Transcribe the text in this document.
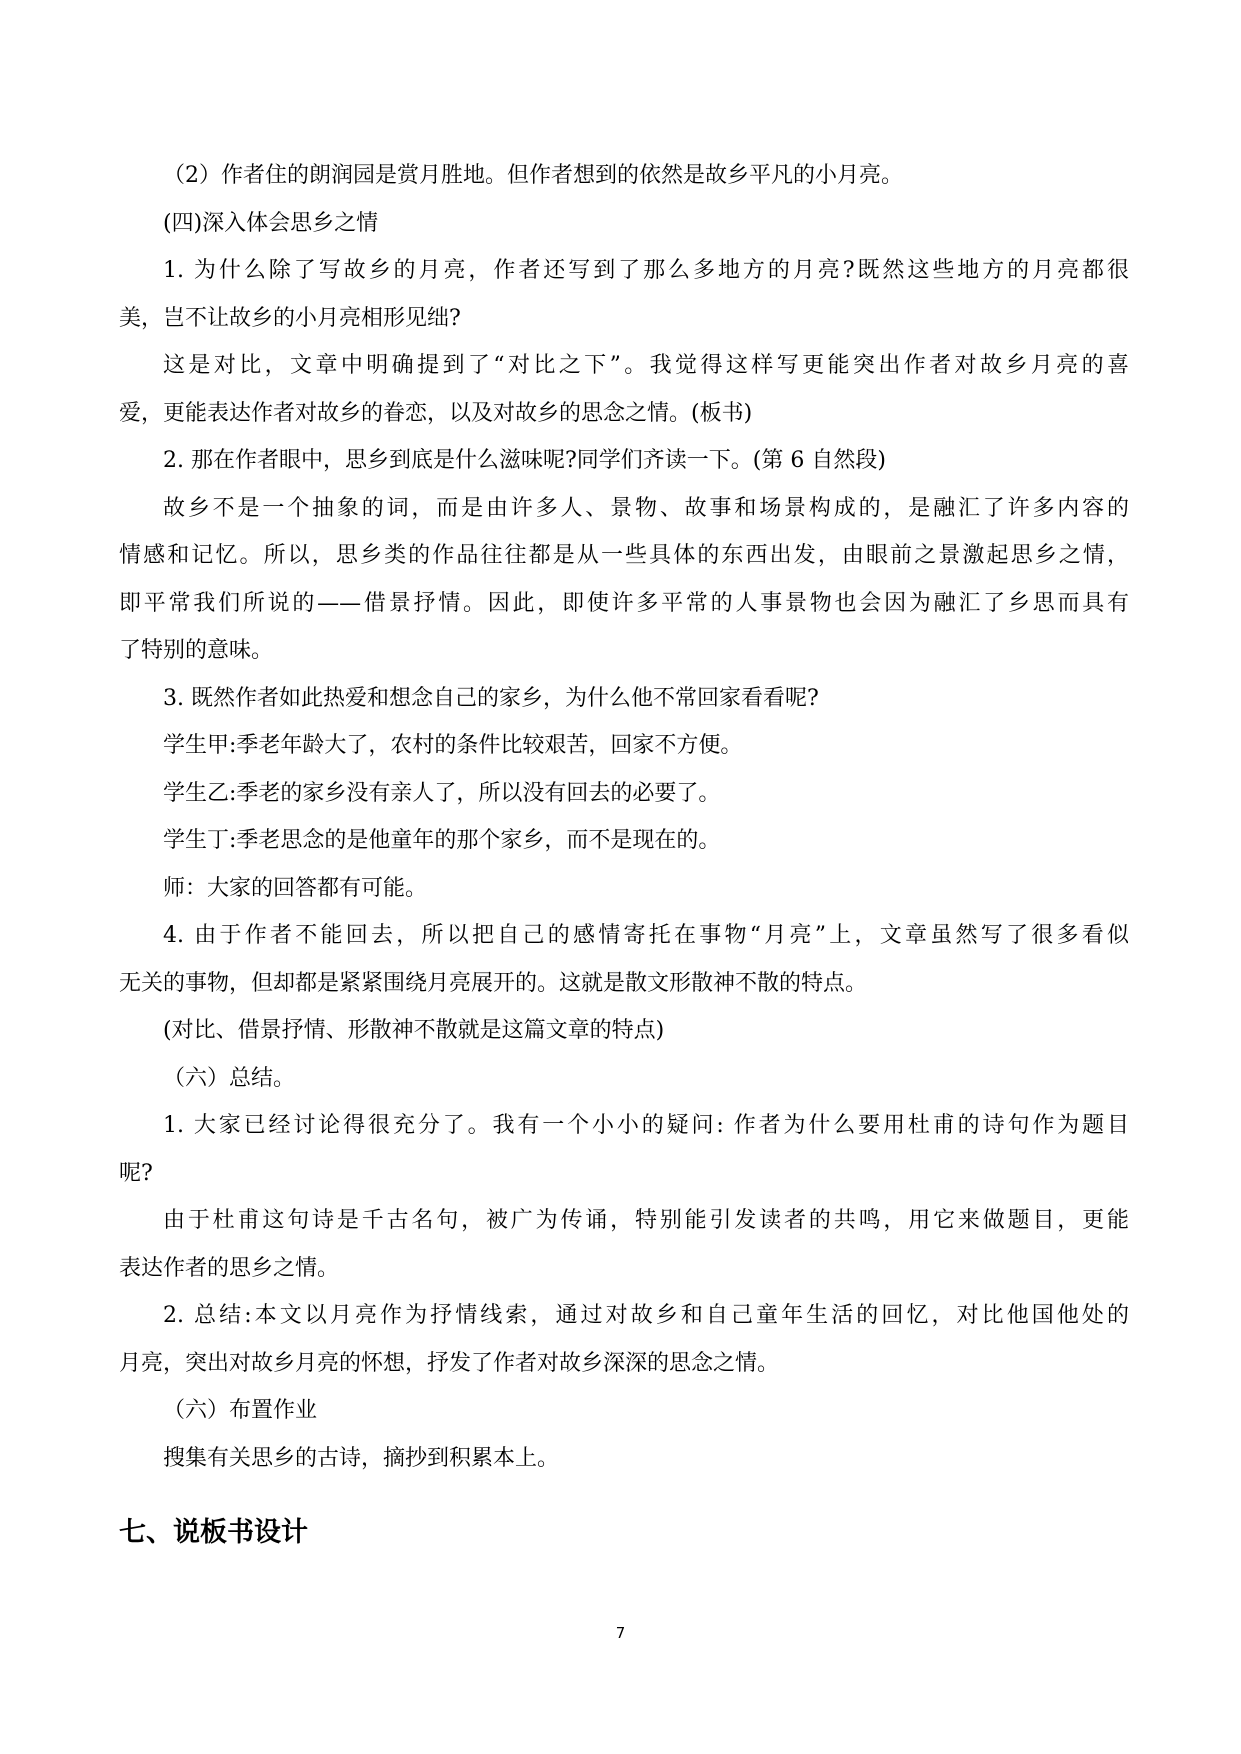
（2）作者住的朗润园是赏月胜地。但作者想到的依然是故乡平凡的小月亮。

(四)深入体会思乡之情

1. 为什么除了写故乡的月亮，作者还写到了那么多地方的月亮?既然这些地方的月亮都很

美，岂不让故乡的小月亮相形见绌?

这是对比，文章中明确提到了“对比之下”。我觉得这样写更能突出作者对故乡月亮的喜

爱，更能表达作者对故乡的眷恋，以及对故乡的思念之情。(板书)

2. 那在作者眼中，思乡到底是什么滋味呢?同学们齐读一下。(第 6 自然段)

故乡不是一个抽象的词，而是由许多人、景物、故事和场景构成的，是融汇了许多内容的

情感和记忆。所以，思乡类的作品往往都是从一些具体的东西出发，由眼前之景激起思乡之情，

即平常我们所说的——借景抒情。因此，即使许多平常的人事景物也会因为融汇了乡思而具有

了特别的意味。

3. 既然作者如此热爱和想念自己的家乡，为什么他不常回家看看呢?

学生甲:季老年龄大了，农村的条件比较艰苦，回家不方便。

学生乙:季老的家乡没有亲人了，所以没有回去的必要了。

学生丁:季老思念的是他童年的那个家乡，而不是现在的。

师：大家的回答都有可能。

4. 由于作者不能回去，所以把自己的感情寄托在事物“月亮”上，文章虽然写了很多看似

无关的事物，但却都是紧紧围绕月亮展开的。这就是散文形散神不散的特点。

(对比、借景抒情、形散神不散就是这篇文章的特点)

（六）总结。

1. 大家已经讨论得很充分了。我有一个小小的疑问: 作者为什么要用杜甫的诗句作为题目

呢?

由于杜甫这句诗是千古名句，被广为传诵，特别能引发读者的共鸣，用它来做题目，更能

表达作者的思乡之情。

2. 总结:本文以月亮作为抒情线索，通过对故乡和自己童年生活的回忆，对比他国他处的

月亮，突出对故乡月亮的怀想，抒发了作者对故乡深深的思念之情。

（六）布置作业

搜集有关思乡的古诗，摘抄到积累本上。

七、说板书设计
7
